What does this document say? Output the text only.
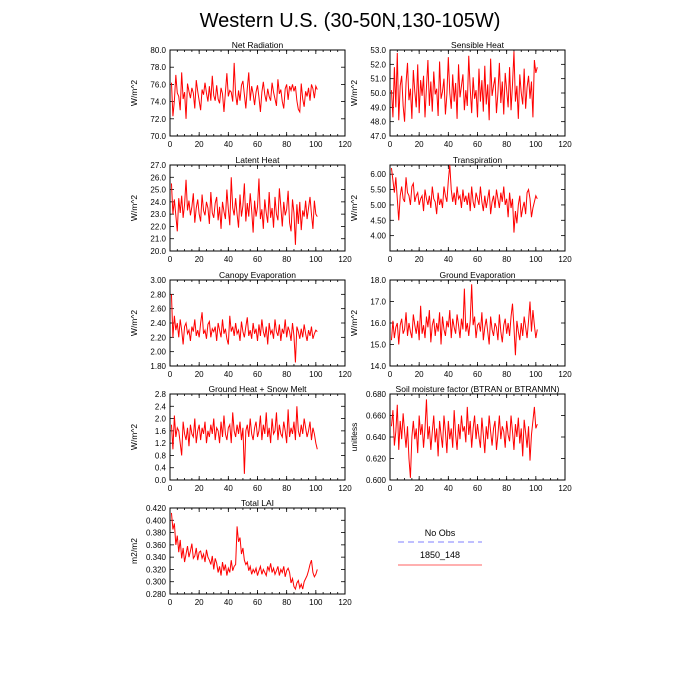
Western U.S. (30-50N,130-105W)
Net Radiation
W/m^2
0	20	40	60	80 100 120
70.0
72.0
74.0
76.0
78.0
80.0
Sensible Heat
W/m^2
0	20	40	60	80 100 120
47.0
48.0
49.0
50.0
51.0
52.0
53.0
Latent Heat
W/m^2
0	20	40	60	80 100 120
20.0
21.0
22.0
23.0
24.0
25.0
26.0
27.0
Transpiration
W/m^2
0	20	40	60	80 100 120
4.00
4.50
5.00
5.50
6.00
Canopy Evaporation
W/m^2
0	20	40	60	80 100 120
1.80
2.00
2.20
2.40
2.60
2.80
3.00
Ground Evaporation
W/m^2
0	20	40	60	80 100 120
14.0
15.0
16.0
17.0
18.0
Ground Heat + Snow Melt
W/m^2
0	20	40	60	80 100 120
0.0
0.4
0.8
1.2
1.6
2.0
2.4
2.8
Soil moisture factor (BTRAN or BTRANMN)
unitless
0	20	40	60	80 100 120
0.600
0.620
0.640
0.660
0.680
Total LAI
m2/m2
0	20	40	60	80 100 120
0.280
0.300
0.320
0.340
0.360
0.380
0.400
0.420
No Obs
1850_148
